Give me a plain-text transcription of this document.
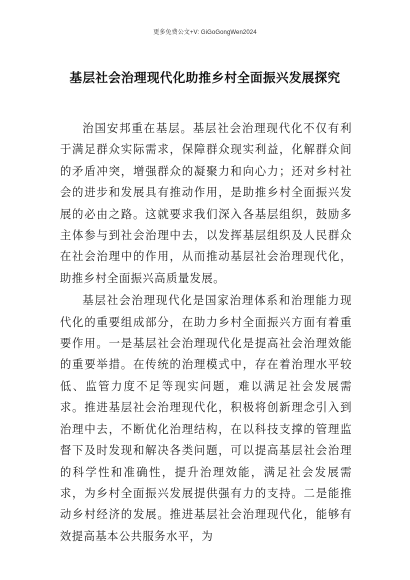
更多免费公文+V: GiGoGongWen2024
基层社会治理现代化助推乡村全面振兴发展探究

治国安邦重在基层。基层社会治理现代化不仅有利于满足群众实际需求，保障群众现实利益，化解群众间的矛盾冲突，增强群众的凝聚力和向心力；还对乡村社会的进步和发展具有推动作用，是助推乡村全面振兴发展的必由之路。这就要求我们深入各基层组织，鼓励多主体参与到社会治理中去，以发挥基层组织及人民群众在社会治理中的作用，从而推动基层社会治理现代化，助推乡村全面振兴高质量发展。

基层社会治理现代化是国家治理体系和治理能力现代化的重要组成部分，在助力乡村全面振兴方面有着重要作用。一是基层社会治理现代化是提高社会治理效能的重要举措。在传统的治理模式中，存在着治理水平较低、监管力度不足等现实问题，难以满足社会发展需求。推进基层社会治理现代化，积极将创新理念引入到治理中去，不断优化治理结构，在以科技支撑的管理监督下及时发现和解决各类问题，可以提高基层社会治理的科学性和准确性，提升治理效能，满足社会发展需求，为乡村全面振兴发展提供强有力的支持。二是能推动乡村经济的发展。推进基层社会治理现代化，能够有效提高基本公共服务水平，为
